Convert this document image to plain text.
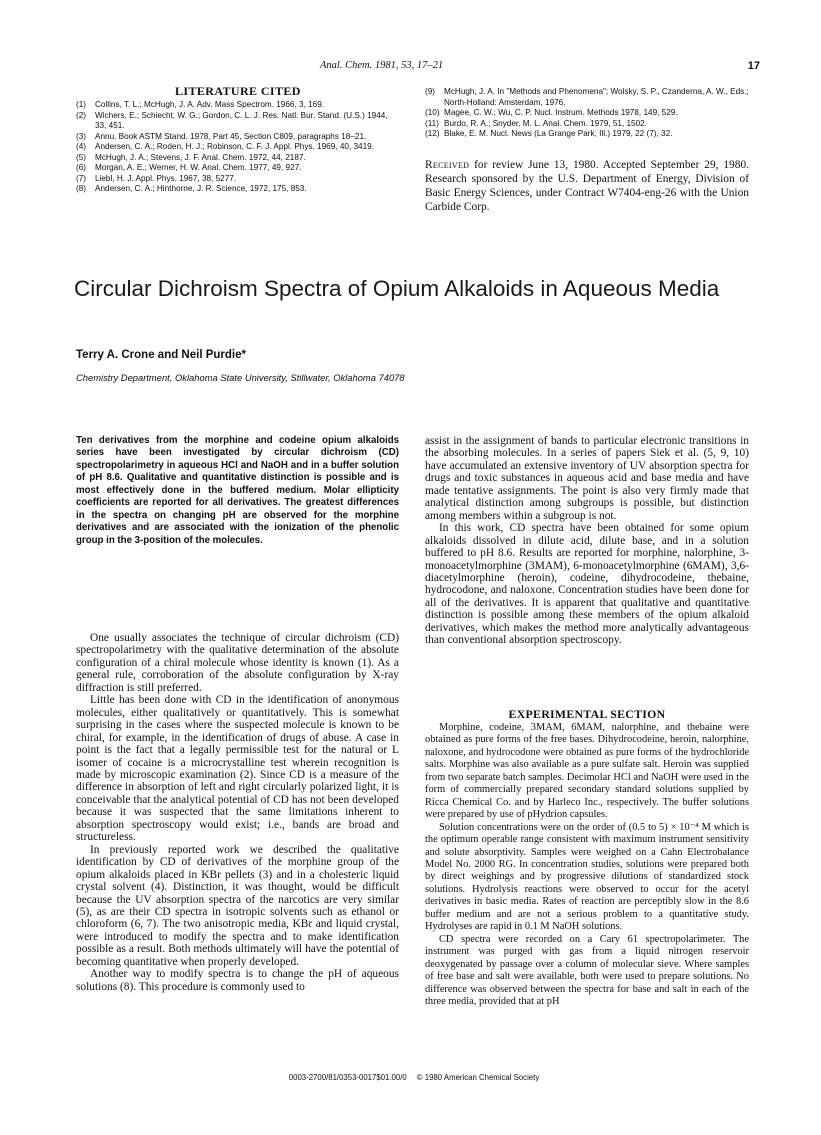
Anal. Chem. 1981, 53, 17–21	17
LITERATURE CITED
(1)	Collins, T. L.; McHugh, J. A. Adv. Mass Spectrom. 1966, 3, 169.
(2)	Wichers, E.; Schiecht, W. G.; Gordon, C. L. J. Res. Natl. Bur. Stand. (U.S.) 1944, 33, 451.
(3)	Annu. Book ASTM Stand. 1978, Part 45, Section C809, paragraphs 18–21.
(4)	Andersen, C. A.; Roden, H. J.; Robinson, C. F. J. Appl. Phys. 1969, 40, 3419.
(5)	McHugh, J. A.; Stevens, J. F. Anal. Chem. 1972, 44, 2187.
(6)	Morgan, A. E.; Werner, H. W. Anal. Chem. 1977, 49, 927.
(7)	Liebl, H. J. Appl. Phys. 1967, 38, 5277.
(8)	Andersen, C. A.; Hinthorne, J. R. Science, 1972, 175, 853.
(9)	McHugh, J. A. In "Methods and Phenomena"; Wolsky, S. P., Czanderna, A. W., Eds.; North-Holland: Amsterdam, 1976.
(10) Magee, C. W.; Wu, C. P. Nucl. Instrum. Methods 1978, 149, 529.
(11) Burdo, R. A.; Snyder, M. L. Anal. Chem. 1979, 51, 1502.
(12) Blake, E. M. Nucl. News (La Grange Park, Ill.) 1979, 22 (7), 32.
Received for review June 13, 1980. Accepted September 29, 1980. Research sponsored by the U.S. Department of Energy, Division of Basic Energy Sciences, under Contract W7404-eng-26 with the Union Carbide Corp.
Circular Dichroism Spectra of Opium Alkaloids in Aqueous Media
Terry A. Crone and Neil Purdie*
Chemistry Department, Oklahoma State University, Stillwater, Oklahoma 74078
Ten derivatives from the morphine and codeine opium alkaloids series have been investigated by circular dichroism (CD) spectropolarimetry in aqueous HCl and NaOH and in a buffer solution of pH 8.6. Qualitative and quantitative distinction is possible and is most effectively done in the buffered medium. Molar ellipticity coefficients are reported for all derivatives. The greatest differences in the spectra on changing pH are observed for the morphine derivatives and are associated with the ionization of the phenolic group in the 3-position of the molecules.

One usually associates the technique of circular dichroism (CD) spectropolarimetry with the qualitative determination of the absolute configuration of a chiral molecule whose identity is known (1). As a general rule, corroboration of the absolute configuration by X-ray diffraction is still preferred.

Little has been done with CD in the identification of anonymous molecules, either qualitatively or quantitatively. This is somewhat surprising in the cases where the suspected molecule is known to be chiral, for example, in the identification of drugs of abuse. A case in point is the fact that a legally permissible test for the natural or L isomer of cocaine is a microcrystalline test wherein recognition is made by microscopic examination (2). Since CD is a measure of the difference in absorption of left and right circularly polarized light, it is conceivable that the analytical potential of CD has not been developed because it was suspected that the same limitations inherent to absorption spectroscopy would exist; i.e., bands are broad and structureless.

In previously reported work we described the qualitative identification by CD of derivatives of the morphine group of the opium alkaloids placed in KBr pellets (3) and in a cholesteric liquid crystal solvent (4). Distinction, it was thought, would be difficult because the UV absorption spectra of the narcotics are very similar (5), as are their CD spectra in isotropic solvents such as ethanol or chloroform (6, 7). The two anisotropic media, KBr and liquid crystal, were introduced to modify the spectra and to make identification possible as a result. Both methods ultimately will have the potential of becoming quantitative when properly developed.

Another way to modify spectra is to change the pH of aqueous solutions (8). This procedure is commonly used to

assist in the assignment of bands to particular electronic transitions in the absorbing molecules. In a series of papers Siek et al. (5, 9, 10) have accumulated an extensive inventory of UV absorption spectra for drugs and toxic substances in aqueous acid and base media and have made tentative assignments. The point is also very firmly made that analytical distinction among subgroups is possible, but distinction among members within a subgroup is not.

In this work, CD spectra have been obtained for some opium alkaloids dissolved in dilute acid, dilute base, and in a solution buffered to pH 8.6. Results are reported for morphine, nalorphine, 3-monoacetylmorphine (3MAM), 6-monoacetylmorphine (6MAM), 3,6-diacetylmorphine (heroin), codeine, dihydrocodeine, thebaine, hydrocodone, and naloxone. Concentration studies have been done for all of the derivatives. It is apparent that qualitative and quantitative distinction is possible among these members of the opium alkaloid derivatives, which makes the method more analytically advantageous than conventional absorption spectroscopy.

EXPERIMENTAL SECTION

Morphine, codeine, 3MAM, 6MAM, nalorphine, and thebaine were obtained as pure forms of the free bases. Dihydrocodeine, heroin, nalorphine, naloxone, and hydrocodone were obtained as pure forms of the hydrochloride salts. Morphine was also available as a pure sulfate salt. Heroin was supplied from two separate batch samples. Decimolar HCl and NaOH were used in the form of commercially prepared secondary standard solutions supplied by Ricca Chemical Co. and by Harleco Inc., respectively. The buffer solutions were prepared by use of pHydrion capsules.

Solution concentrations were on the order of (0.5 to 5) × 10⁻⁴ M which is the optimum operable range consistent with maximum instrument sensitivity and solute absorptivity. Samples were weighed on a Cahn Electrobalance Model No. 2000 RG. In concentration studies, solutions were prepared both by direct weighings and by progressive dilutions of standardized stock solutions. Hydrolysis reactions were observed to occur for the acetyl derivatives in basic media. Rates of reaction are perceptibly slow in the 8.6 buffer medium and are not a serious problem to a quantitative study. Hydrolyses are rapid in 0.1 M NaOH solutions.

CD spectra were recorded on a Cary 61 spectropolarimeter. The instrument was purged with gas from a liquid nitrogen reservoir deoxygenated by passage over a column of molecular sieve. Where samples of free base and salt were available, both were used to prepare solutions. No difference was observed between the spectra for base and salt in each of the three media, provided that at pH

0003-2700/81/0353-0017$01.00/0 © 1980 American Chemical Society
